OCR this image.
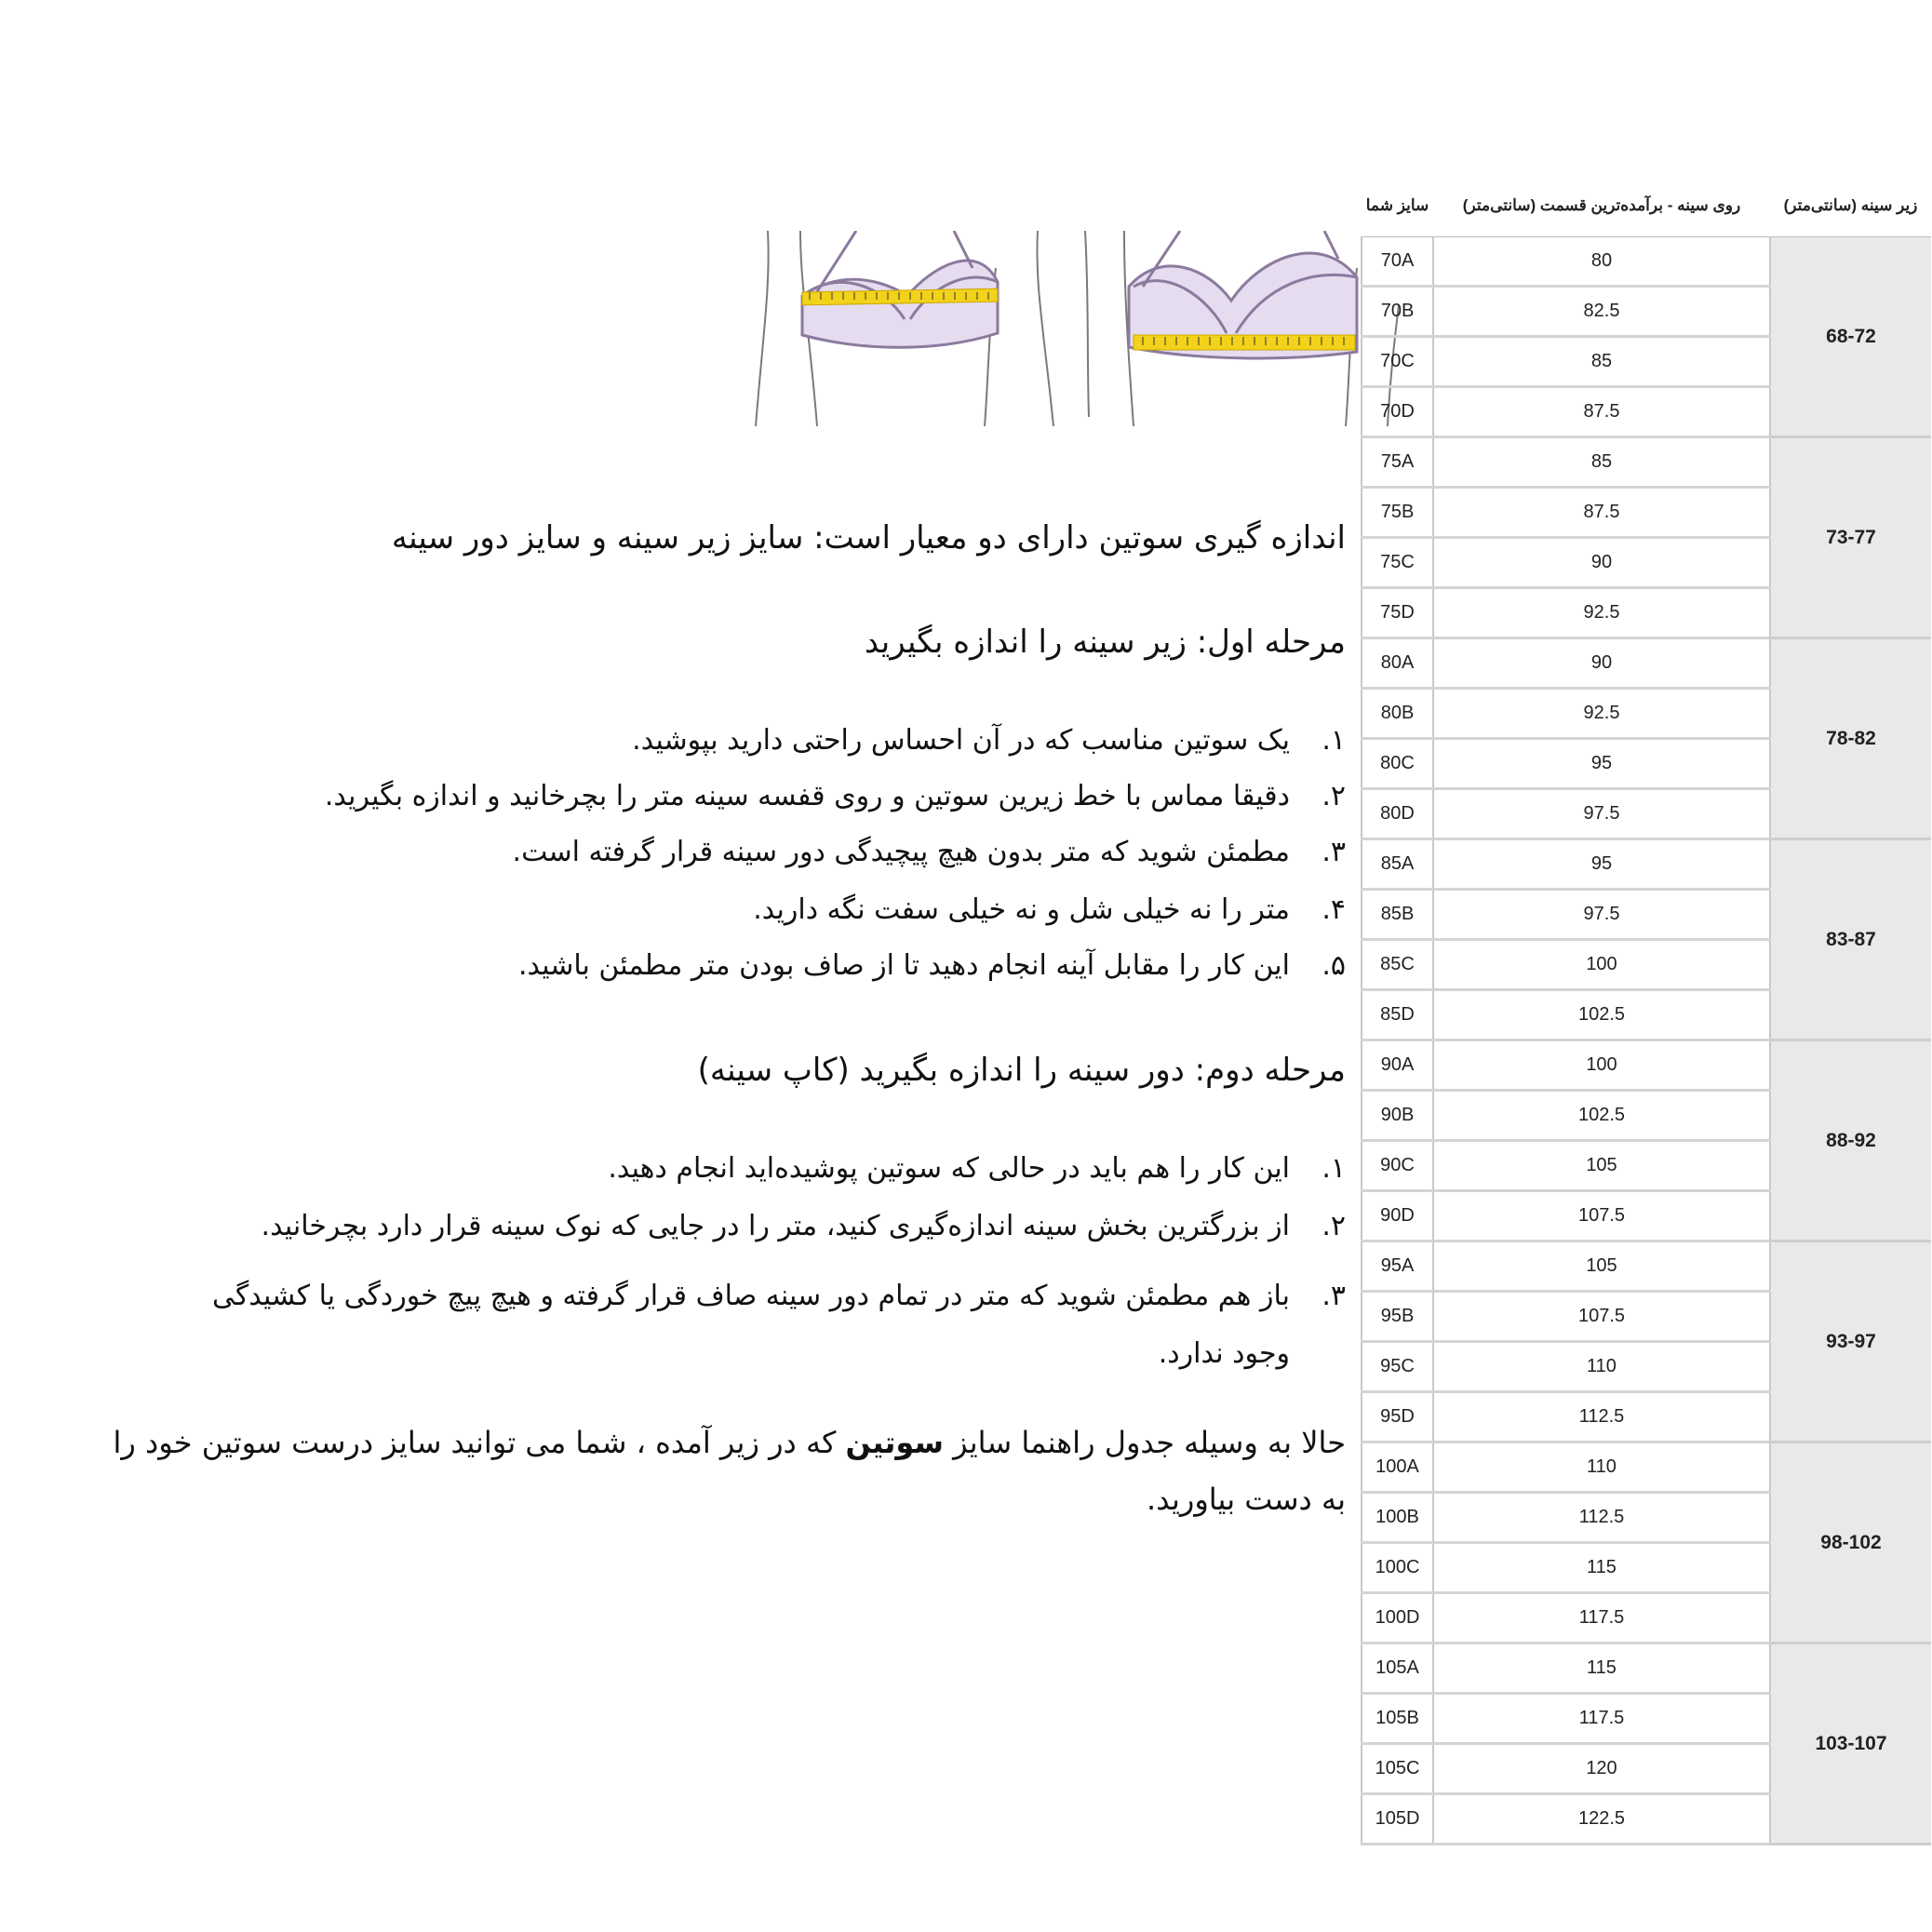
اندازه گیری سوتین دارای دو معیار است: سایز زیر سینه و سایز دور سینه
مرحله اول: زیر سینه را اندازه بگیرید
۱.
یک سوتین مناسب که در آن احساس راحتی دارید بپوشید.
۲.
دقیقا مماس با خط زیرین سوتین و روی قفسه سینه متر را بچرخانید و اندازه بگیرید.
۳.
مطمئن شوید که متر بدون هیچ پیچیدگی دور سینه قرار گرفته است.
۴.
متر را نه خیلی شل و نه خیلی سفت نگه دارید.
۵.
این کار را مقابل آینه انجام دهید تا از صاف بودن متر مطمئن باشید.
مرحله دوم: دور سینه را اندازه بگیرید (کاپ سینه)
۱.
این کار را هم باید در حالی که سوتین پوشیده‌اید انجام دهید.
۲.
از بزرگترین بخش سینه اندازه‌گیری کنید، متر را در جایی که نوک سینه قرار دارد بچرخانید.
۳.
باز هم مطمئن شوید که متر در تمام دور سینه صاف قرار گرفته و هیچ پیچ خوردگی یا کشیدگی وجود ندارد.
حالا به وسیله جدول راهنما سایز سوتین که در زیر آمده ، شما می توانید سایز درست سوتین خود را به دست بیاورید.
سایز شما	روی سینه - برآمده‌ترین قسمت (سانتی‌متر)	زیر سینه (سانتی‌متر)
70A	80	68-72
70B	82.5	
70C	85	
70D	87.5	
75A	85	73-77
75B	87.5	
75C	90	
75D	92.5	
80A	90	78-82
80B	92.5	
80C	95	
80D	97.5	
85A	95	83-87
85B	97.5	
85C	100	
85D	102.5	
90A	100	88-92
90B	102.5	
90C	105	
90D	107.5	
95A	105	93-97
95B	107.5	
95C	110	
95D	112.5	
100A	110	98-102
100B	112.5	
100C	115	
100D	117.5	
105A	115	103-107
105B	117.5	
105C	120	
105D	122.5	
